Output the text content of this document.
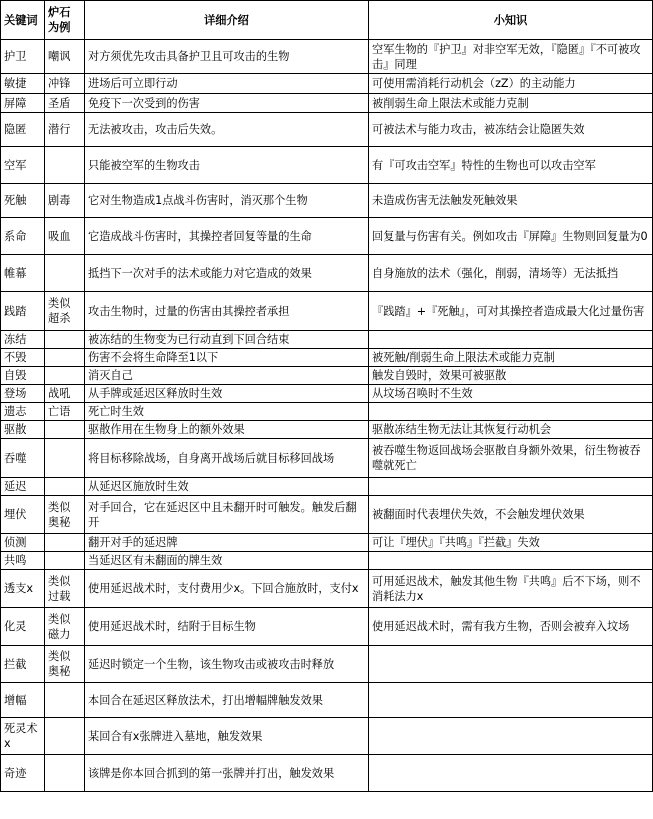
关键词	炉石为例	详细介绍	小知识
护卫	嘲讽	对方须优先攻击具备护卫且可攻击的生物	空军生物的『护卫』对非空军无效，『隐匿』『不可被攻击』同理
敏捷	冲锋	进场后可立即行动	可使用需消耗行动机会（zZ）的主动能力
屏障	圣盾	免疫下一次受到的伤害	被削弱生命上限法术或能力克制
隐匿	潜行	无法被攻击，攻击后失效。	可被法术与能力攻击，被冻结会让隐匿失效
空军		只能被空军的生物攻击	有『可攻击空军』特性的生物也可以攻击空军
死触	剧毒	它对生物造成1点战斗伤害时，消灭那个生物	未造成伤害无法触发死触效果
系命	吸血	它造成战斗伤害时，其操控者回复等量的生命	回复量与伤害有关。例如攻击『屏障』生物则回复量为0
帷幕		抵挡下一次对手的法术或能力对它造成的效果	自身施放的法术（强化，削弱，清场等）无法抵挡
践踏	类似超杀	攻击生物时，过量的伤害由其操控者承担	『践踏』+『死触』，可对其操控者造成最大化过量伤害
冻结		被冻结的生物变为已行动直到下回合结束	
不毁		伤害不会将生命降至1以下	被死触/削弱生命上限法术或能力克制
自毁		消灭自己	触发自毁时，效果可被驱散
登场	战吼	从手牌或延迟区释放时生效	从坟场召唤时不生效
遗志	亡语	死亡时生效	
驱散		驱散作用在生物身上的额外效果	驱散冻结生物无法让其恢复行动机会
吞噬		将目标移除战场，自身离开战场后就目标移回战场	被吞噬生物返回战场会驱散自身额外效果，衍生物被吞噬就死亡
延迟		从延迟区施放时生效	
埋伏	类似奥秘	对手回合，它在延迟区中且未翻开时可触发。触发后翻开	被翻面时代表埋伏失效，不会触发埋伏效果
侦测		翻开对手的延迟牌	可让『埋伏』『共鸣』『拦截』失效
共鸣		当延迟区有未翻面的牌生效	
透支x	类似过载	使用延迟战术时，支付费用少x。下回合施放时，支付x	可用延迟战术，触发其他生物『共鸣』后不下场，则不消耗法力x
化灵	类似磁力	使用延迟战术时，结附于目标生物	使用延迟战术时，需有我方生物，否则会被弃入坟场
拦截	类似奥秘	延迟时锁定一个生物，该生物攻击或被攻击时释放	
增幅		本回合在延迟区释放法术，打出增幅牌触发效果	
死灵术x		某回合有x张牌进入墓地，触发效果	
奇迹		该牌是你本回合抓到的第一张牌并打出，触发效果	
